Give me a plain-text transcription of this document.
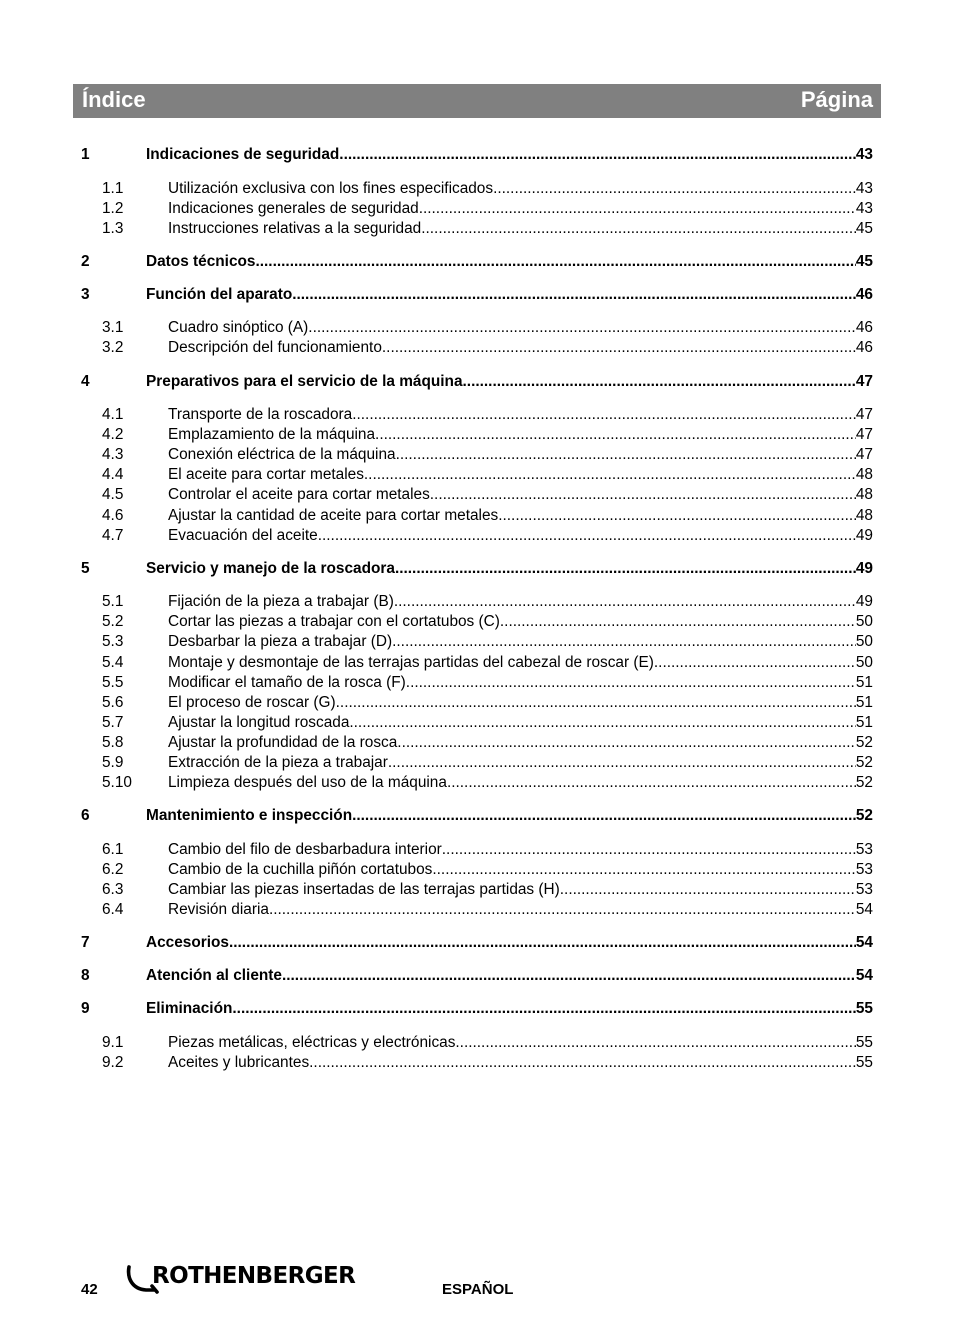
Índice	Página
1	Indicaciones de seguridad .....	43
1.1	Utilización exclusiva con los fines especificados .....	43
1.2	Indicaciones generales de seguridad .....	43
1.3	Instrucciones relativas a la seguridad .....	45
2	Datos técnicos .....	45
3	Función del aparato .....	46
3.1	Cuadro sinóptico (A) .....	46
3.2	Descripción del funcionamiento .....	46
4	Preparativos para el servicio de la máquina .....	47
4.1	Transporte de la roscadora .....	47
4.2	Emplazamiento de la máquina .....	47
4.3	Conexión eléctrica de la máquina .....	47
4.4	El aceite para cortar metales .....	48
4.5	Controlar el aceite para cortar metales .....	48
4.6	Ajustar la cantidad de aceite para cortar metales .....	48
4.7	Evacuación del aceite .....	49
5	Servicio y manejo de la roscadora .....	49
5.1	Fijación de la pieza a trabajar (B) .....	49
5.2	Cortar las piezas a trabajar con el cortatubos (C) .....	50
5.3	Desbarbar la pieza a trabajar (D) .....	50
5.4	Montaje y desmontaje de las terrajas partidas del cabezal de roscar (E) .....	50
5.5	Modificar el tamaño de la rosca (F) .....	51
5.6	El proceso de roscar (G) .....	51
5.7	Ajustar la longitud roscada .....	51
5.8	Ajustar la profundidad de la rosca .....	52
5.9	Extracción de la pieza a trabajar .....	52
5.10 Limpieza después del uso de la máquina .....	52
6	Mantenimiento e inspección .....	52
6.1	Cambio del filo de desbarbadura interior .....	53
6.2	Cambio de la cuchilla piñón cortatubos .....	53
6.3	Cambiar las piezas insertadas de las terrajas partidas (H) .....	53
6.4	Revisión diaria .....	54
7	Accesorios .....	54
8	Atención al cliente .....	54
9	Eliminación .....	55
9.1	Piezas metálicas, eléctricas y electrónicas .....	55
9.2	Aceites y lubricantes .....	55
42
ROTHENBERGER
ESPAÑOL
